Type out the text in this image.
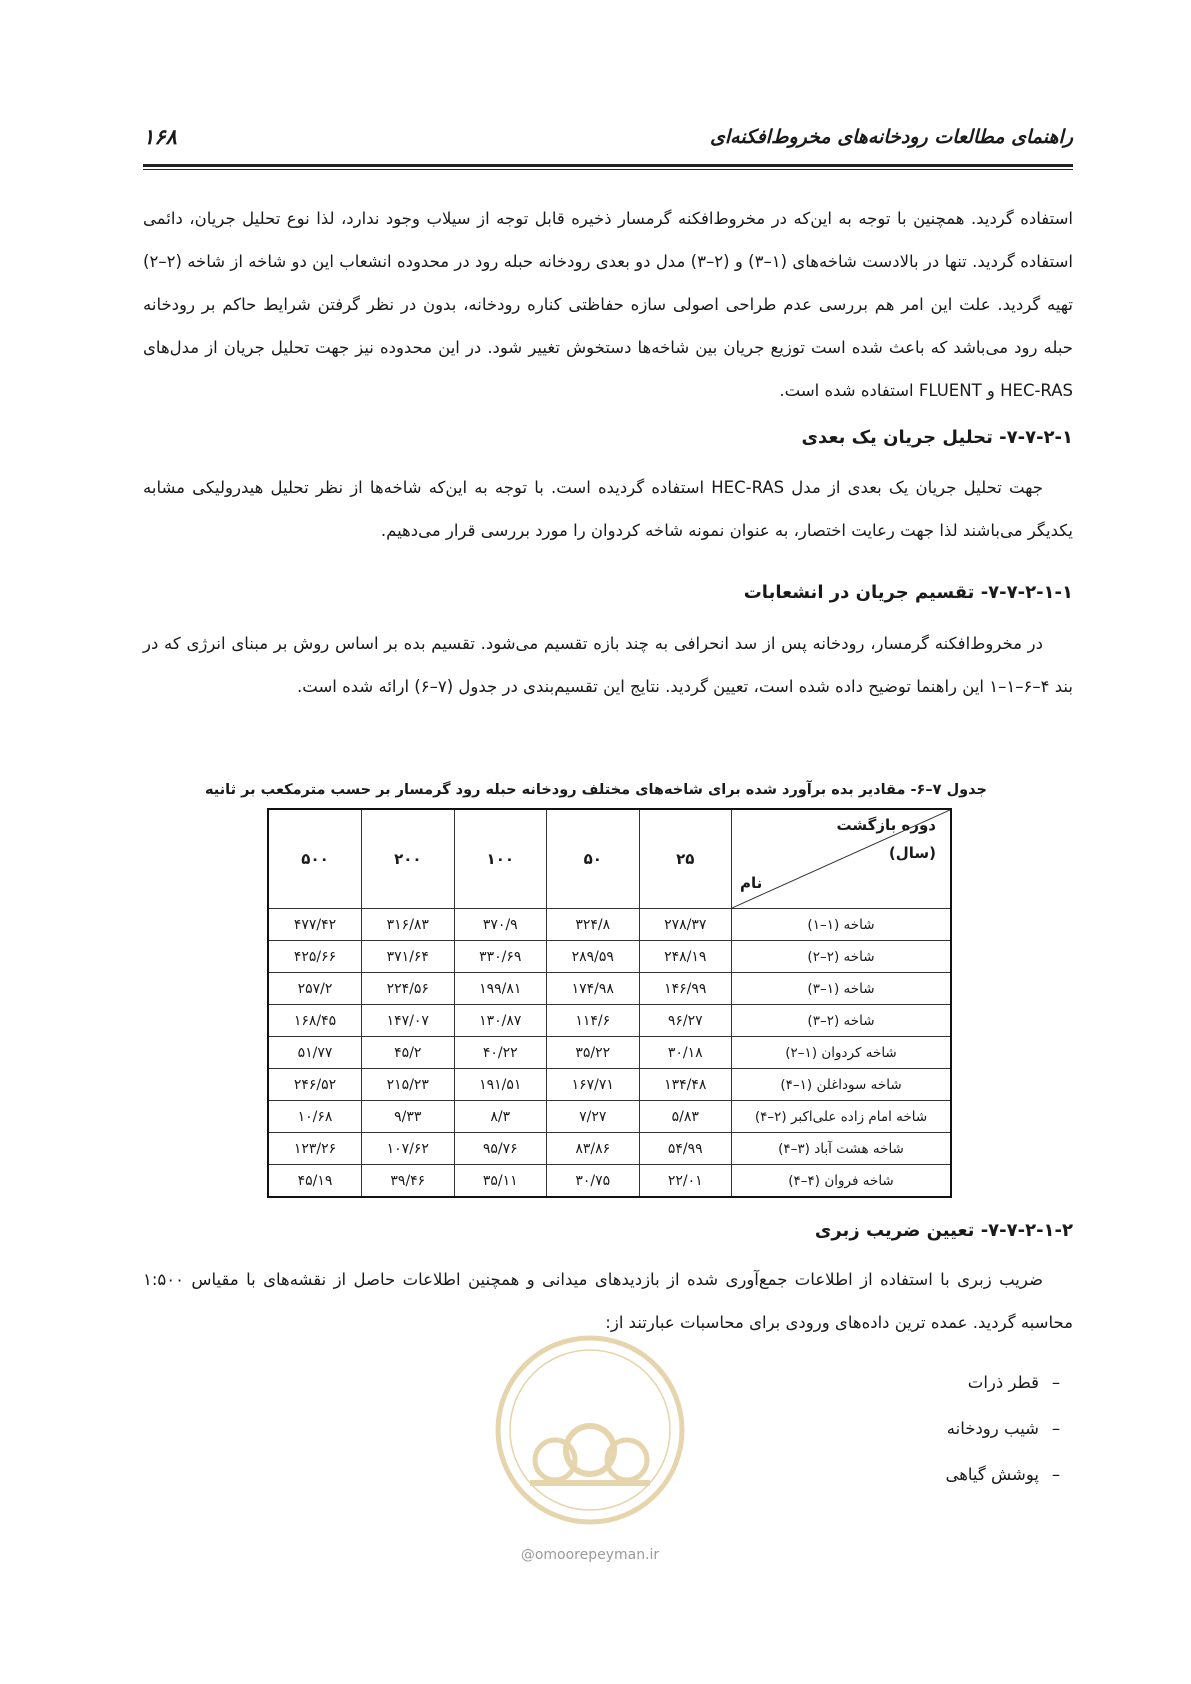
راهنمای مطالعات رودخانه‌های مخروط‌افکنه‌ای
۱۶۸

استفاده گردید. همچنین با توجه به این‌که در مخروط‌افکنه گرمسار ذخیره قابل توجه از سیلاب وجود ندارد، لذا نوع تحلیل جریان، دائمی استفاده گردید. تنها در بالادست شاخه‌های (۱–۳) و (۲–۳) مدل دو بعدی رودخانه حبله رود در محدوده انشعاب این دو شاخه از شاخه (۲–۲) تهیه گردید. علت این امر هم بررسی عدم طراحی اصولی سازه حفاظتی کناره رودخانه، بدون در نظر گرفتن شرایط حاکم بر رودخانه حبله رود می‌باشد که باعث شده است توزیع جریان بین شاخه‌ها دستخوش تغییر شود. در این محدوده نیز جهت تحلیل جریان از مدل‌های HEC-RAS و FLUENT استفاده شده است.

۷-۷-۲-۱- تحلیل جریان یک بعدی

جهت تحلیل جریان یک بعدی از مدل HEC-RAS استفاده گردیده است. با توجه به این‌که شاخه‌ها از نظر تحلیل هیدرولیکی مشابه یکدیگر می‌باشند لذا جهت رعایت اختصار، به عنوان نمونه شاخه کردوان را مورد بررسی قرار می‌دهیم.

۷-۷-۲-۱-۱- تقسیم جریان در انشعابات

در مخروط‌افکنه گرمسار، رودخانه پس از سد انحرافی به چند بازه تقسیم می‌شود. تقسیم بده بر اساس روش بر مبنای انرژی که در بند ۴–۶–۱–۱ این راهنما توضیح داده شده است، تعیین گردید. نتایج این تقسیم‌بندی در جدول (۷–۶) ارائه شده است.

جدول ۷–۶- مقادیر بده برآورد شده برای شاخه‌های مختلف رودخانه حبله رود گرمسار بر حسب مترمکعب بر ثانیه
دوره بازگشت
(سال)
نام	۲۵	۵۰	۱۰۰	۲۰۰	۵۰۰
شاخه (۱–۱)	۲۷۸/۳۷	۳۲۴/۸	۳۷۰/۹	۳۱۶/۸۳	۴۷۷/۴۲
شاخه (۲–۲)	۲۴۸/۱۹	۲۸۹/۵۹	۳۳۰/۶۹	۳۷۱/۶۴	۴۲۵/۶۶
شاخه (۱–۳)	۱۴۶/۹۹	۱۷۴/۹۸	۱۹۹/۸۱	۲۲۴/۵۶	۲۵۷/۲
شاخه (۲–۳)	۹۶/۲۷	۱۱۴/۶	۱۳۰/۸۷	۱۴۷/۰۷	۱۶۸/۴۵
شاخه کردوان (۱–۲)	۳۰/۱۸	۳۵/۲۲	۴۰/۲۲	۴۵/۲	۵۱/۷۷
شاخه سوداغلن (۱–۴)	۱۳۴/۴۸	۱۶۷/۷۱	۱۹۱/۵۱	۲۱۵/۲۳	۲۴۶/۵۲
شاخه امام زاده علی‌اکبر (۲–۴)	۵/۸۳	۷/۲۷	۸/۳	۹/۳۳	۱۰/۶۸
شاخه هشت آباد (۳–۴)	۵۴/۹۹	۸۳/۸۶	۹۵/۷۶	۱۰۷/۶۲	۱۲۳/۲۶
شاخه فروان (۴–۴)	۲۲/۰۱	۳۰/۷۵	۳۵/۱۱	۳۹/۴۶	۴۵/۱۹
۷-۷-۲-۱-۲- تعیین ضریب زبری

ضریب زبری با استفاده از اطلاعات جمع‌آوری شده از بازدیدهای میدانی و همچنین اطلاعات حاصل از نقشه‌های با مقیاس ۱:۵۰۰ محاسبه گردید. عمده ترین داده‌های ورودی برای محاسبات عبارتند از:

–قطر ذرات
–شیب رودخانه
–پوشش گیاهی
@omoorepeyman.ir
